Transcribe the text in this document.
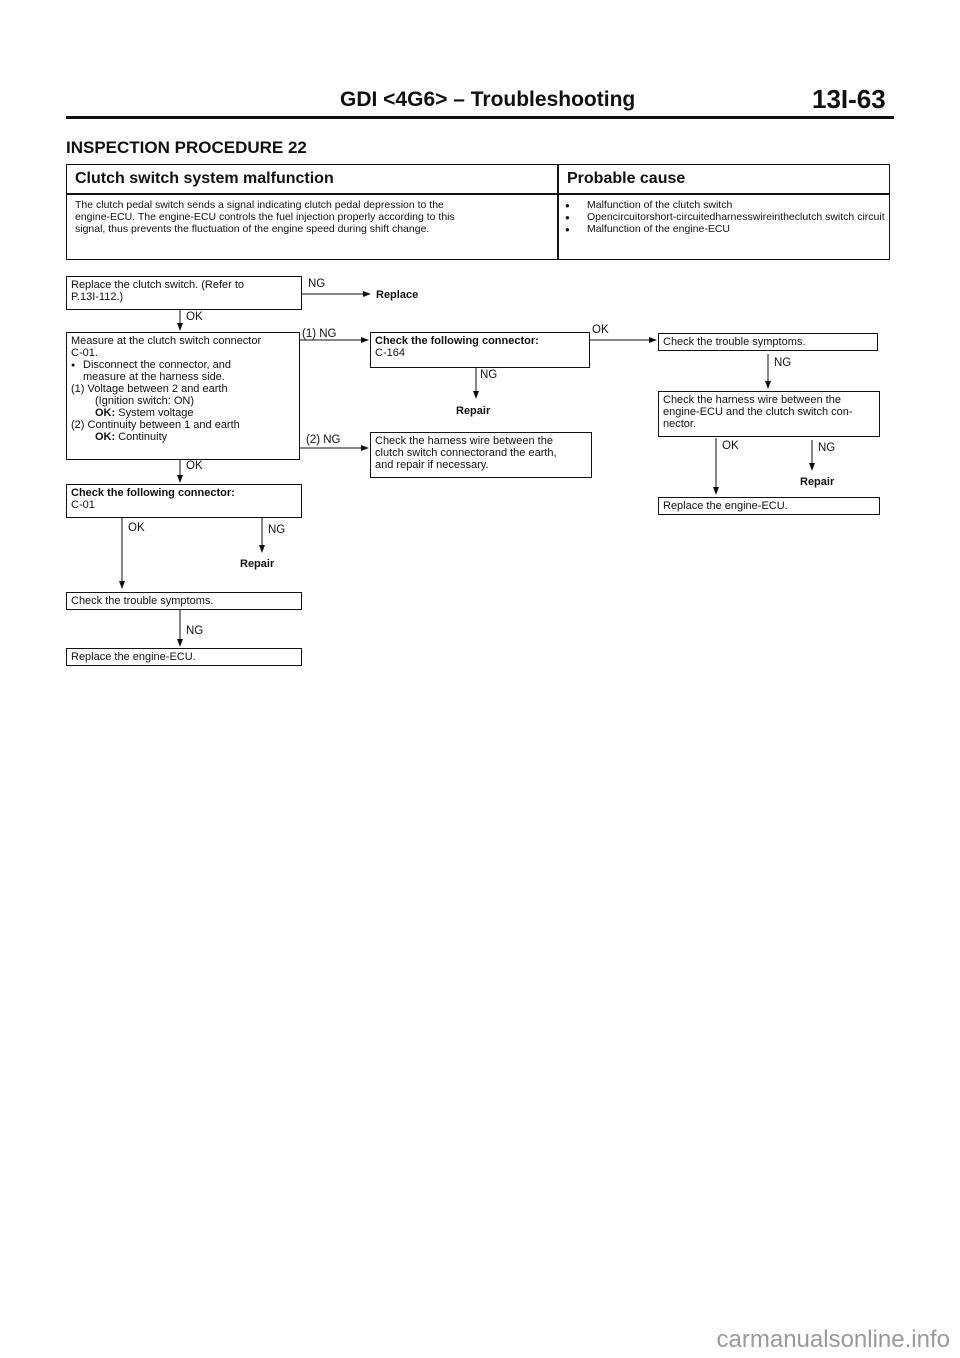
GDI <4G6> – Troubleshooting	13I-63
INSPECTION PROCEDURE 22
Clutch switch system malfunction	Probable cause
The clutch pedal switch sends a signal indicating clutch pedal depression to the
engine-ECU. The engine-ECU controls the fuel injection properly according to this
signal, thus prevents the fluctuation of the engine speed during shift change.
● Malfunction of the clutch switch
● Opencircuitorshort-circuitedharnesswireintheclutch switch circuit
● Malfunction of the engine-ECU
Replace the clutch switch. (Refer to
P.13I-112.)
NG
Replace
OK
Measure at the clutch switch connector
C-01.
● Disconnect the connector, and
measure at the harness side.
(1) Voltage between 2 and earth
(Ignition switch: ON)
OK: System voltage
(2) Continuity between 1 and earth
OK: Continuity
(1) NG
(2) NG
Check the following connector:
C-164
OK
NG
Repair
Check the harness wire between the
clutch switch connectorand the earth,
and repair if necessary.
OK
Check the following connector:
C-01
OK	NG
Repair
Check the trouble symptoms.
NG
Replace the engine-ECU.
Check the trouble symptoms.
NG
Check the harness wire between the
engine-ECU and the clutch switch con-
nector.
OK	NG
Repair
Replace the engine-ECU.
carmanualsonline.info
